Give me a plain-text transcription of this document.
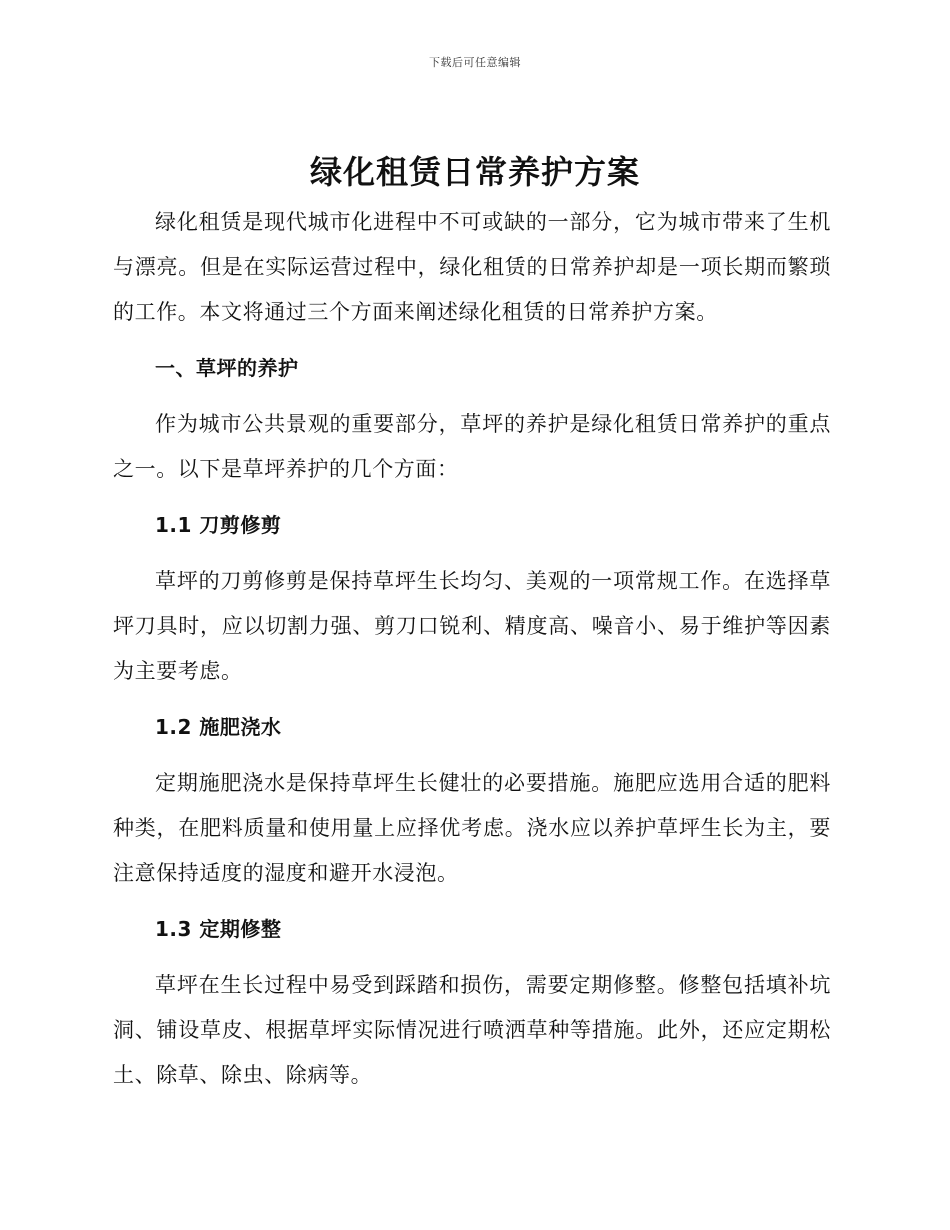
下载后可任意编辑
绿化租赁日常养护方案

绿化租赁是现代城市化进程中不可或缺的一部分，它为城市带来了生机与漂亮。但是在实际运营过程中，绿化租赁的日常养护却是一项长期而繁琐的工作。本文将通过三个方面来阐述绿化租赁的日常养护方案。

一、草坪的养护

作为城市公共景观的重要部分，草坪的养护是绿化租赁日常养护的重点之一。以下是草坪养护的几个方面：

1.1 刀剪修剪

草坪的刀剪修剪是保持草坪生长均匀、美观的一项常规工作。在选择草坪刀具时，应以切割力强、剪刀口锐利、精度高、噪音小、易于维护等因素为主要考虑。

1.2 施肥浇水

定期施肥浇水是保持草坪生长健壮的必要措施。施肥应选用合适的肥料种类，在肥料质量和使用量上应择优考虑。浇水应以养护草坪生长为主，要注意保持适度的湿度和避开水浸泡。

1.3 定期修整

草坪在生长过程中易受到踩踏和损伤，需要定期修整。修整包括填补坑洞、铺设草皮、根据草坪实际情况进行喷洒草种等措施。此外，还应定期松土、除草、除虫、除病等。
